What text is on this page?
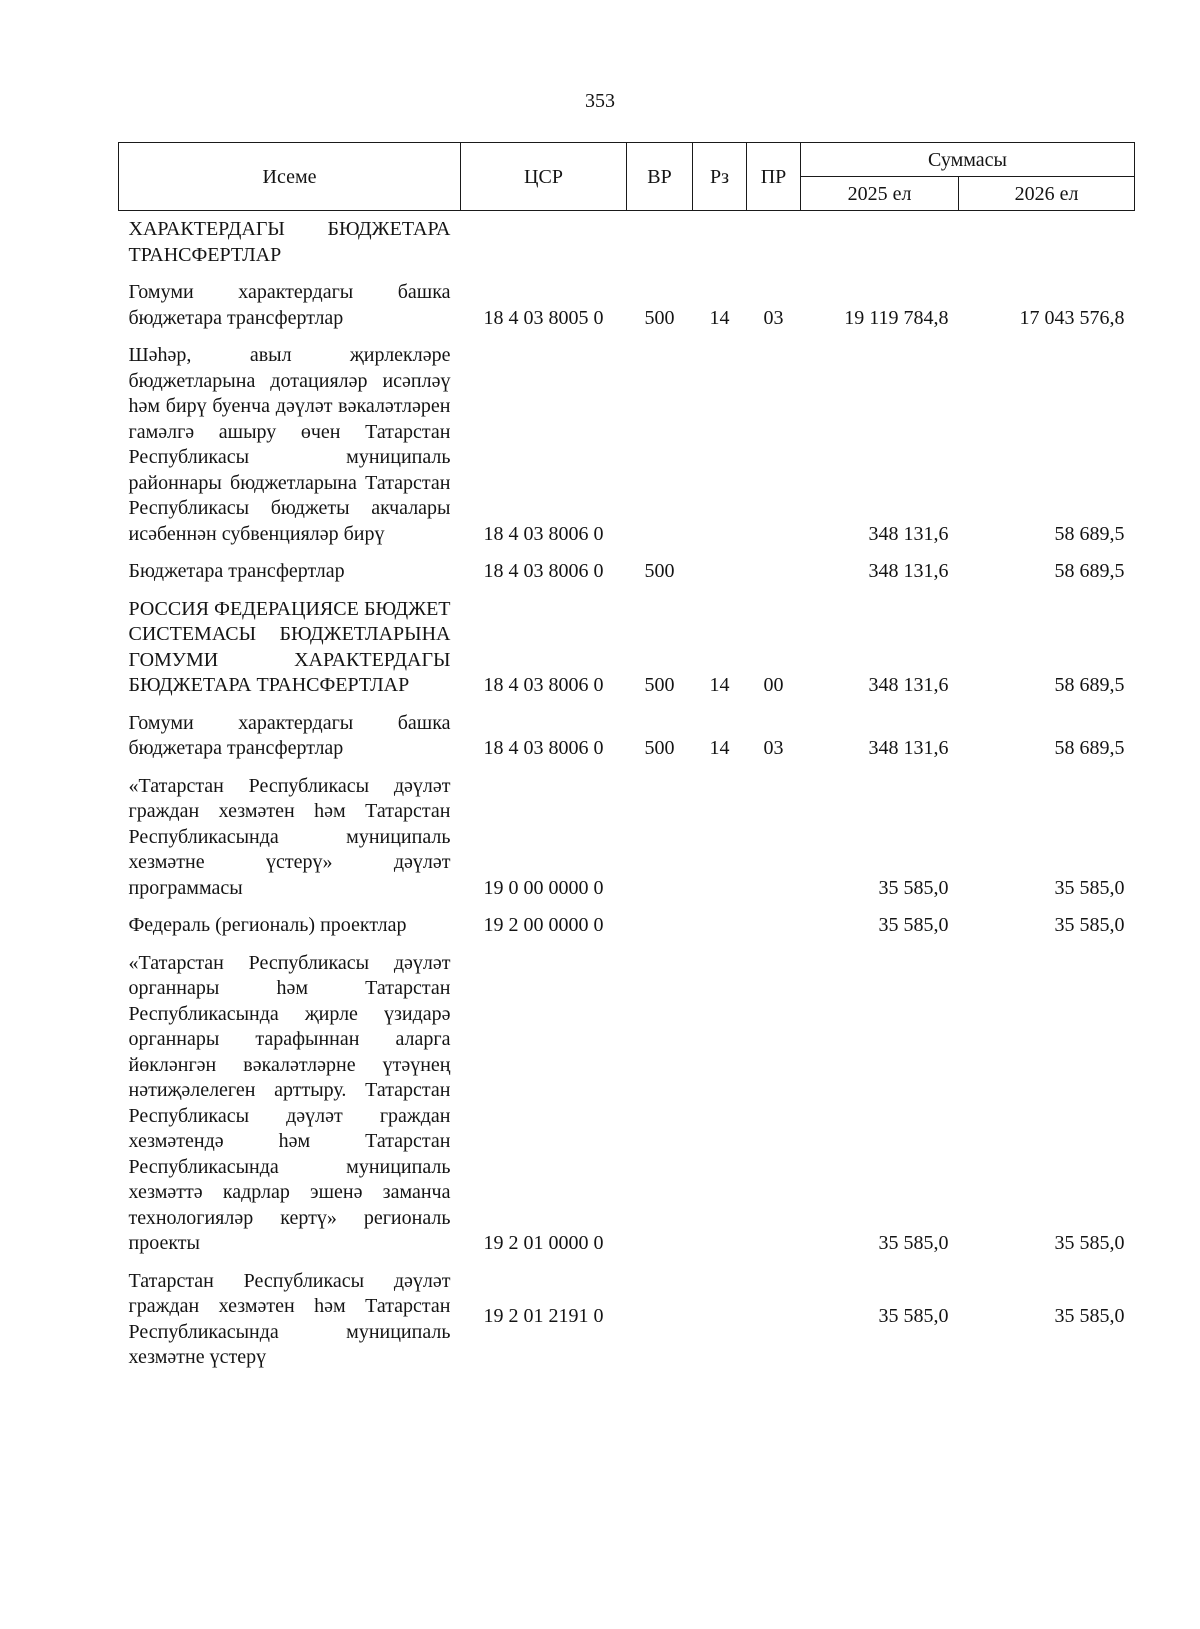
353
Исеме	ЦСР	ВР	Рз	ПР	Суммасы	
					2025 ел	2026 ел
ХАРАКТЕРДАГЫ БЮДЖЕТАРА ТРАНСФЕРТЛАР						
Гомуми характердагы башка бюджетара трансфертлар	18 4 03 8005 0	500	14	03	19 119 784,8	17 043 576,8
Шәһәр, авыл җирлекләре бюджетларына дотацияләр исәпләү һәм бирү буенча дәүләт вәкаләтләрен гамәлгә ашыру өчен Татарстан Республикасы муниципаль районнары бюджетларына Татарстан Республикасы бюджеты акчалары исәбеннән субвенцияләр бирү	18 4 03 8006 0				348 131,6	58 689,5
Бюджетара трансфертлар	18 4 03 8006 0	500			348 131,6	58 689,5
РОССИЯ ФЕДЕРАЦИЯСЕ БЮДЖЕТ СИСТЕМАСЫ БЮДЖЕТЛАРЫНА ГОМУМИ ХАРАКТЕРДАГЫ БЮДЖЕТАРА ТРАНСФЕРТЛАР	18 4 03 8006 0	500	14	00	348 131,6	58 689,5
Гомуми характердагы башка бюджетара трансфертлар	18 4 03 8006 0	500	14	03	348 131,6	58 689,5
«Татарстан Республикасы дәүләт граждан хезмәтен һәм Татарстан Республикасында муниципаль хезмәтне үстерү» дәүләт программасы	19 0 00 0000 0				35 585,0	35 585,0
Федераль (региональ) проектлар	19 2 00 0000 0				35 585,0	35 585,0
«Татарстан Республикасы дәүләт органнары һәм Татарстан Республикасында җирле үзидарә органнары тарафыннан аларга йөкләнгән вәкаләтләрне үтәүнең нәтиҗәлелеген арттыру. Татарстан Республикасы дәүләт граждан хезмәтендә һәм Татарстан Республикасында муниципаль хезмәттә кадрлар эшенә заманча технологияләр кертү» региональ проекты	19 2 01 0000 0				35 585,0	35 585,0
Татарстан Республикасы дәүләт граждан хезмәтен һәм Татарстан Республикасында муниципаль хезмәтне үстерү	19 2 01 2191 0				35 585,0	35 585,0
